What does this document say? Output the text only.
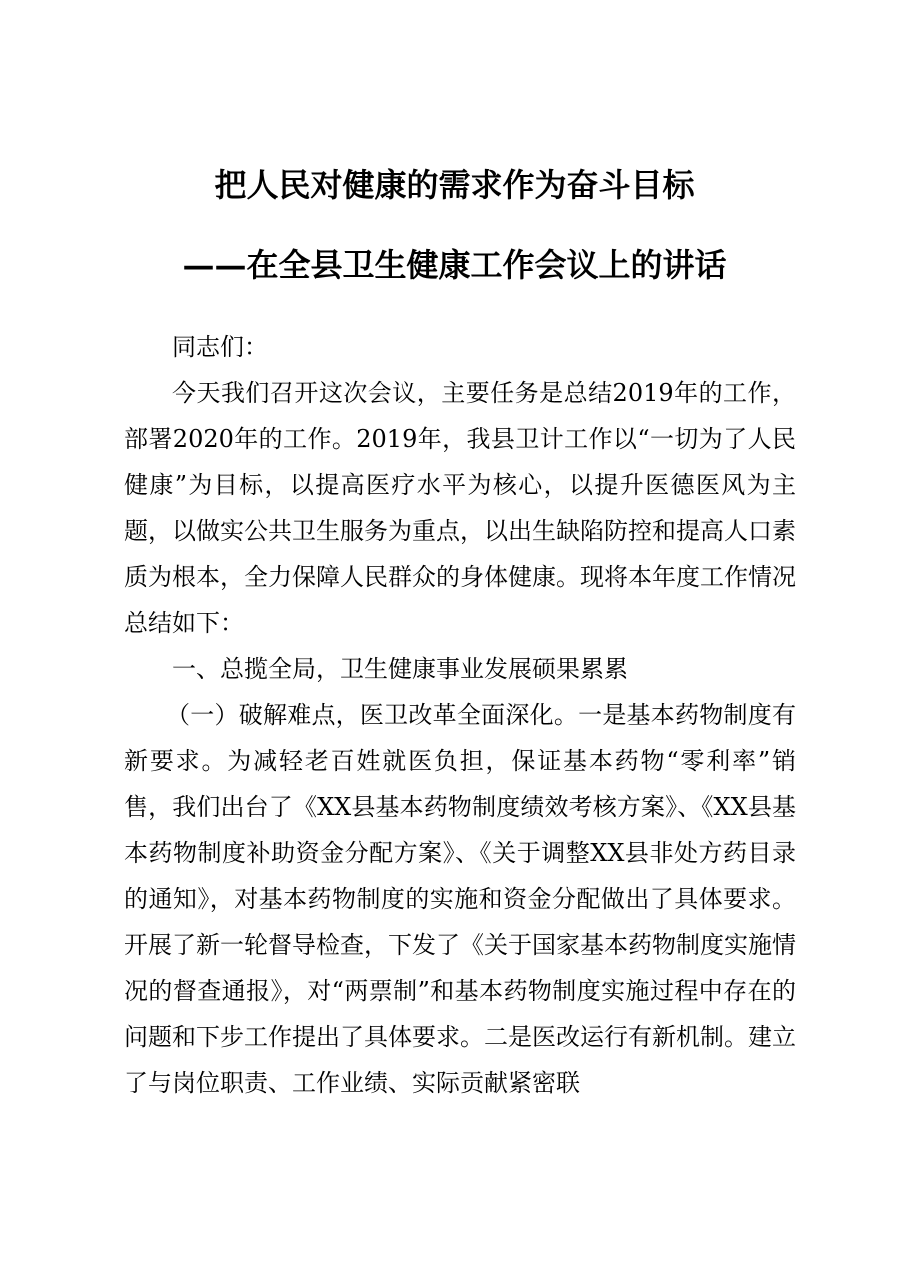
把人民对健康的需求作为奋斗目标
——在全县卫生健康工作会议上的讲话

同志们：

今天我们召开这次会议，主要任务是总结2019年的工作，部署2020年的工作。2019年，我县卫计工作以“一切为了人民健康”为目标，以提高医疗水平为核心，以提升医德医风为主题，以做实公共卫生服务为重点，以出生缺陷防控和提高人口素质为根本，全力保障人民群众的身体健康。现将本年度工作情况总结如下：

一、总揽全局，卫生健康事业发展硕果累累

（一）破解难点，医卫改革全面深化。一是基本药物制度有新要求。为减轻老百姓就医负担，保证基本药物“零利率”销售，我们出台了《XX县基本药物制度绩效考核方案》、《XX县基本药物制度补助资金分配方案》、《关于调整XX县非处方药目录的通知》，对基本药物制度的实施和资金分配做出了具体要求。开展了新一轮督导检查，下发了《关于国家基本药物制度实施情况的督查通报》，对“两票制”和基本药物制度实施过程中存在的问题和下步工作提出了具体要求。二是医改运行有新机制。建立了与岗位职责、工作业绩、实际贡献紧密联
